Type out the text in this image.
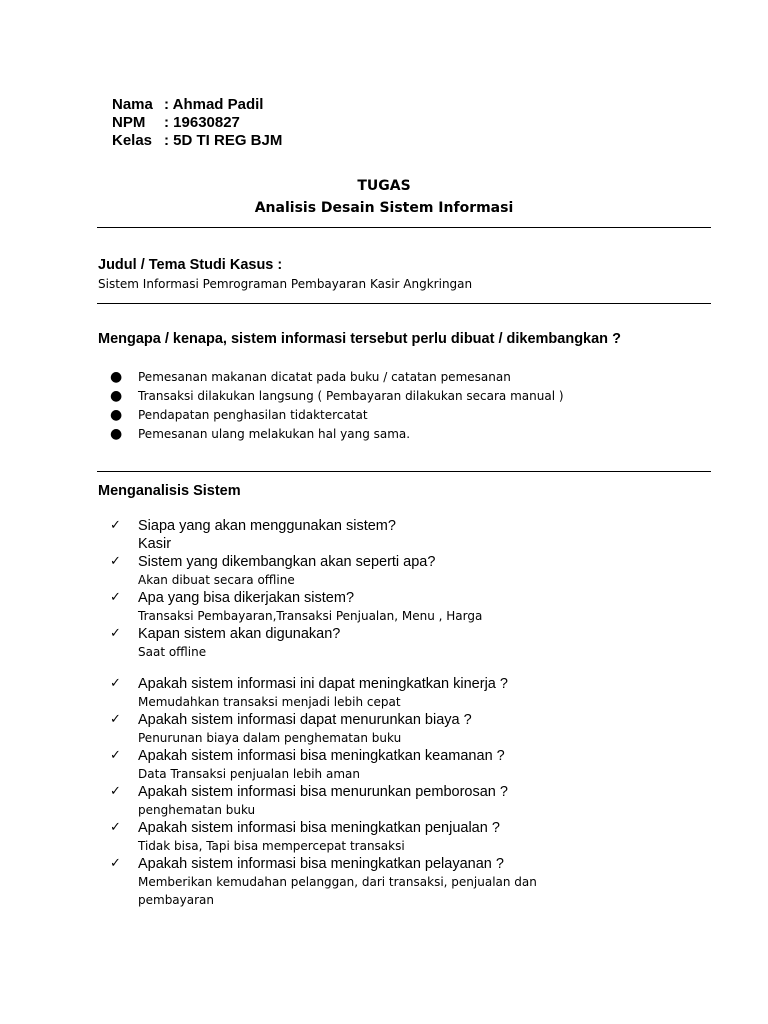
Nama : Ahmad Padil
NPM	: 19630827
Kelas : 5D TI REG BJM
TUGAS
Analisis Desain Sistem Informasi
Judul / Tema Studi Kasus :
Sistem Informasi Pemrograman Pembayaran Kasir Angkringan
Mengapa / kenapa, sistem informasi tersebut perlu dibuat / dikembangkan ?
●	Pemesanan makanan dicatat pada buku / catatan pemesanan
●	Transaksi dilakukan langsung ( Pembayaran dilakukan secara manual )
●	Pendapatan penghasilan tidaktercatat
●	Pemesanan ulang melakukan hal yang sama.
Menganalisis Sistem
✓	Siapa yang akan menggunakan sistem?
Kasir
✓	Sistem yang dikembangkan akan seperti apa?
Akan dibuat secara offline
✓	Apa yang bisa dikerjakan sistem?
Transaksi Pembayaran,Transaksi Penjualan, Menu , Harga
✓	Kapan sistem akan digunakan?
Saat offline
✓	Apakah sistem informasi ini dapat meningkatkan kinerja ?
Memudahkan transaksi menjadi lebih cepat
✓	Apakah sistem informasi dapat menurunkan biaya ?
Penurunan biaya dalam penghematan buku
✓	Apakah sistem informasi bisa meningkatkan keamanan ?
Data Transaksi penjualan lebih aman
✓	Apakah sistem informasi bisa menurunkan pemborosan ?
penghematan buku
✓	Apakah sistem informasi bisa meningkatkan penjualan ?
Tidak bisa, Tapi bisa mempercepat transaksi
✓	Apakah sistem informasi bisa meningkatkan pelayanan ?
Memberikan kemudahan pelanggan, dari transaksi, penjualan dan pembayaran
